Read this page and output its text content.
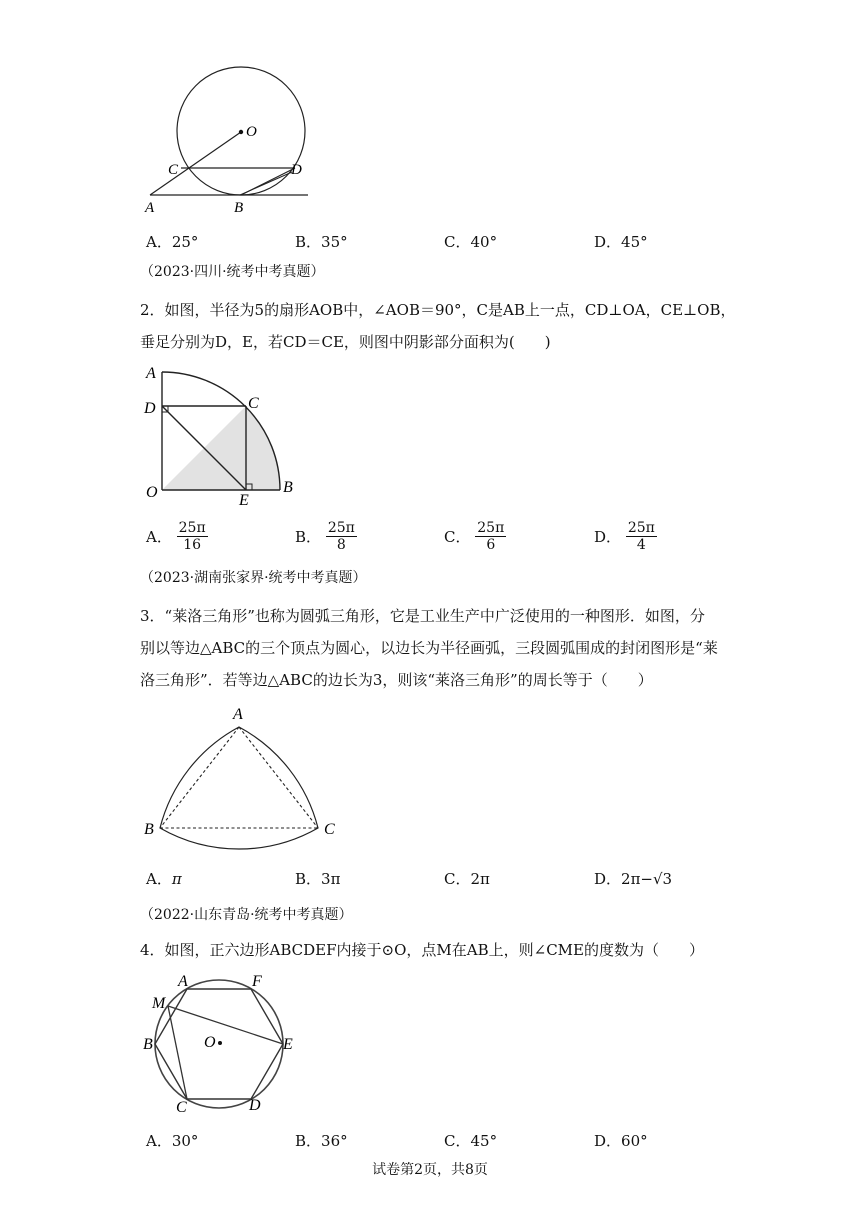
O
C	D
A	B
A．25°	B．35°	C．40°	D．45°
（2023·四川·统考中考真题）
2．如图，半径为5的扇形AOB中，∠AOB＝90°，C是AB上一点，CD⊥OA，CE⊥OB，
垂足分别为D，E，若CD＝CE，则图中阴影部分面积为(　　)
A
D	C
O	E
B
A． $\frac{25\pi}{16}$	B． $\frac{25\pi}{8}$	C． $\frac{25\pi}{6}$	D． $\frac{25\pi}{4}$
（2023·湖南张家界·统考中考真题）
3．“莱洛三角形”也称为圆弧三角形，它是工业生产中广泛使用的一种图形．如图，分
别以等边△ABC的三个顶点为圆心，以边长为半径画弧，三段圆弧围成的封闭图形是“莱
洛三角形”．若等边△ABC的边长为3，则该“莱洛三角形”的周长等于（　　）
A
B	C
A．π	B．3π	C．2π	D．2π−√3
（2022·山东青岛·统考中考真题）
4．如图，正六边形ABCDEF内接于⊙O，点M在AB上，则∠CME的度数为（　　）
A	F
M
B	O	E
C	D
A．30°	B．36°	C．45°	D．60°
试卷第2页，共8页
